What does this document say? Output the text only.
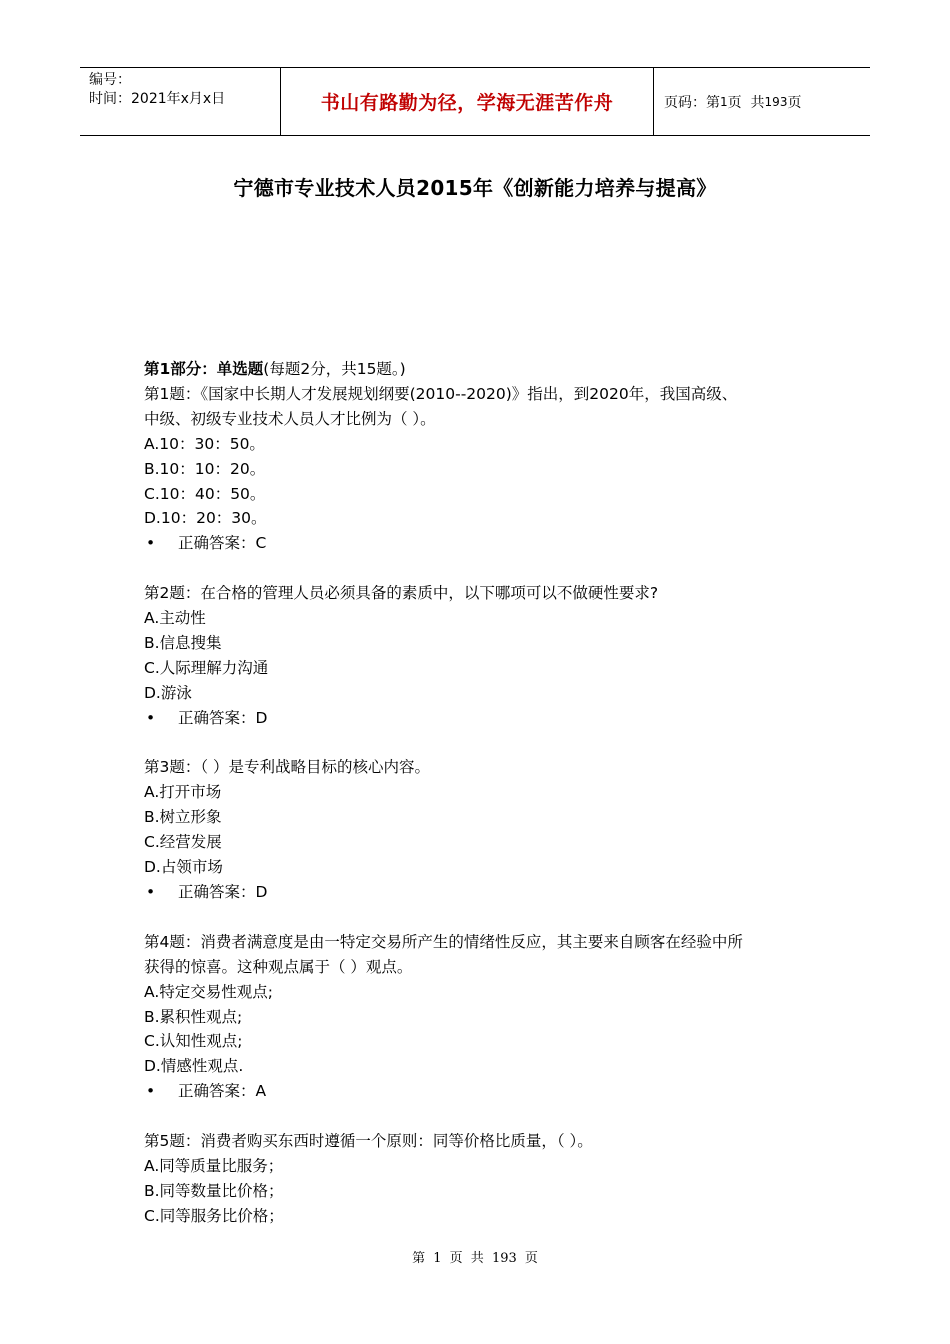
编号：
时间：2021年x月x日	书山有路勤为径，学海无涯苦作舟	页码：第 1 页  共 193 页
宁德市专业技术人员2015年《创新能力培养与提高》
第1部分：单选题(每题2分，共15题。)
第1题：《国家中长期人才发展规划纲要(2010--2020)》指出，到2020年，我国高级、
中级、初级专业技术人员人才比例为（ ）。
A.10：30：50。
B.10：10：20。
C.10：40：50。
D.10：20：30。
• 正确答案：C
第2题：在合格的管理人员必须具备的素质中，以下哪项可以不做硬性要求?
A.主动性
B.信息搜集
C.人际理解力沟通
D.游泳
• 正确答案：D
第3题：（ ）是专利战略目标的核心内容。
A.打开市场
B.树立形象
C.经营发展
D.占领市场
• 正确答案：D
第4题：消费者满意度是由一特定交易所产生的情绪性反应，其主要来自顾客在经验中所
获得的惊喜。这种观点属于（ ）观点。
A.特定交易性观点;
B.累积性观点;
C.认知性观点;
D.情感性观点.
• 正确答案：A
第5题：消费者购买东西时遵循一个原则：同等价格比质量，（ ）。
A.同等质量比服务；
B.同等数量比价格；
C.同等服务比价格；
第 1 页 共 193 页
